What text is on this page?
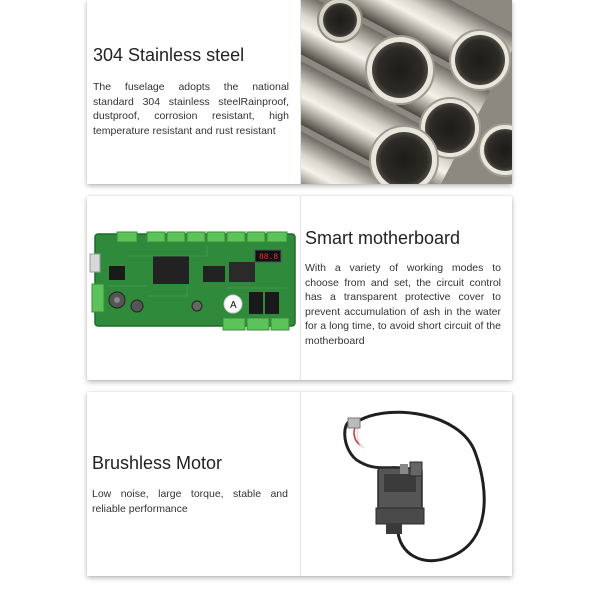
304 Stainless steel
The fuselage adopts the national standard 304 stainless steelRainproof, dustproof, corrosion resistant, high temperature resistant and rust resistant
88.8
A
Smart motherboard
With a variety of working modes to choose from and set, the circuit control has a transparent protective cover to prevent accumulation of ash in the water for a long time, to avoid short circuit of the motherboard
Brushless Motor
Low noise, large torque, stable and reliable performance
